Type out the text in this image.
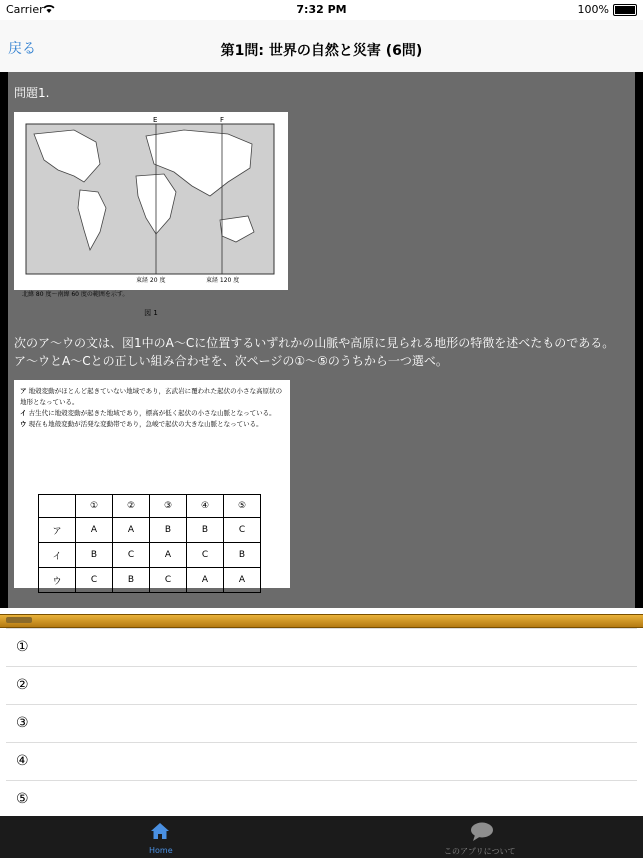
Carrier	7:32 PM	100%
戻る	第1問: 世界の自然と災害 (6問)
問題1.
E	F
東経 20 度	東経 120 度
北緯 80 度～南緯 60 度の範囲を示す。
図 1
次のア～ウの文は、図1中のA～Cに位置するいずれかの山脈や高原に見られる地形の特徴を述べたものである。ア～ウとA～Cとの正しい組み合わせを、次ページの①～⑤のうちから一つ選べ。
ア 地殻変動がほとんど起きていない地域であり，玄武岩に覆われた起伏の小さな高原状の地形となっている。
イ 古生代に地殻変動が起きた地域であり，標高が低く起伏の小さな山脈となっている。
ウ 現在も地殻変動が活発な変動帯であり，急峻で起伏の大きな山脈となっている。
	①	②	③	④	⑤
ア	A	A	B	B	C
イ	B	C	A	C	B
ウ	C	B	C	A	A
①
②
③
④
⑤
Home	このアプリについて
